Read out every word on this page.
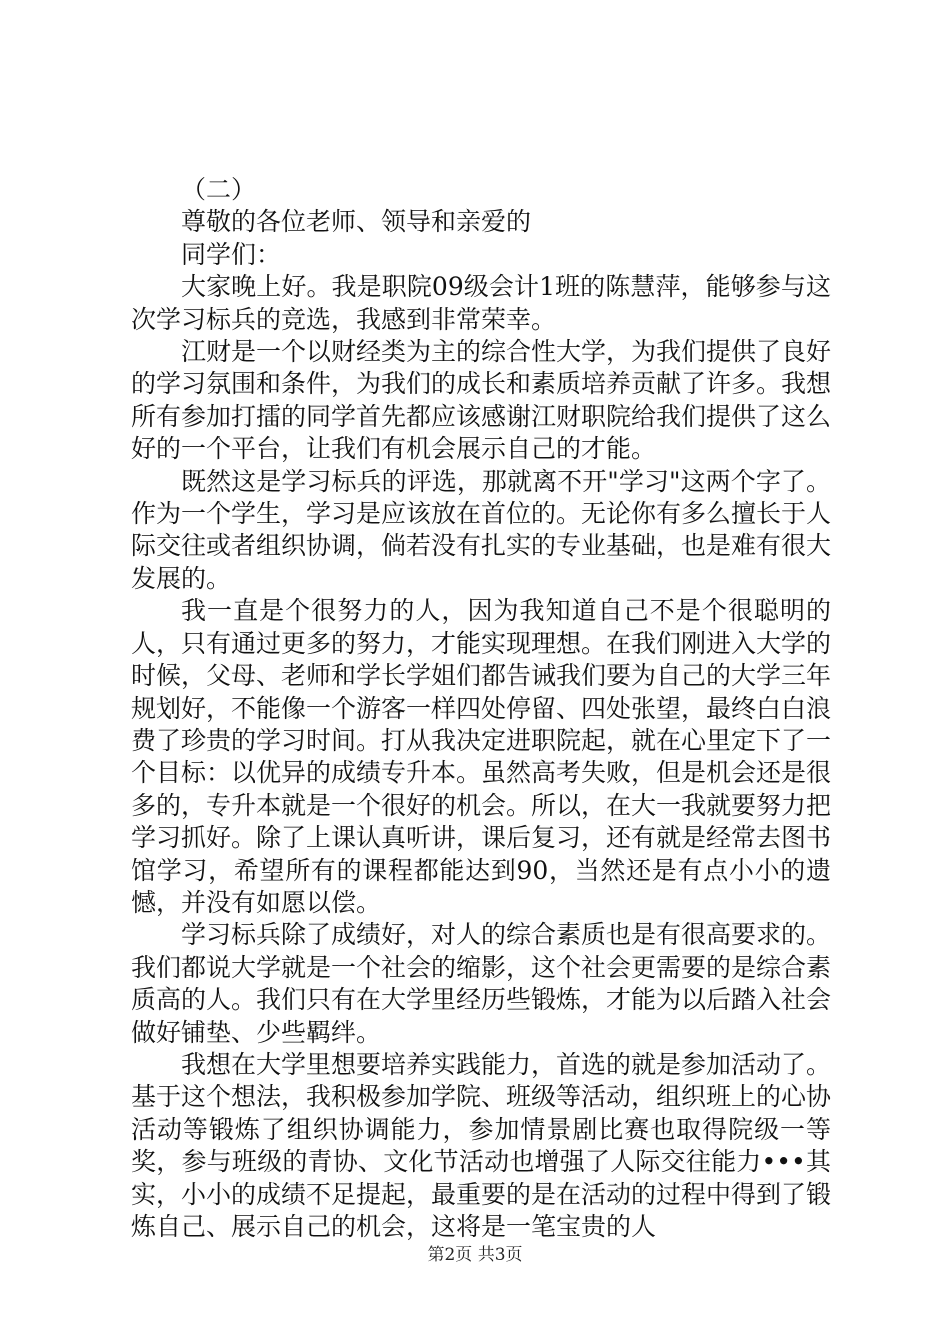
（二）

尊敬的各位老师、领导和亲爱的

同学们：

大家晚上好。我是职院09级会计1班的陈慧萍，能够参与这次学习标兵的竞选，我感到非常荣幸。

江财是一个以财经类为主的综合性大学，为我们提供了良好的学习氛围和条件，为我们的成长和素质培养贡献了许多。我想所有参加打擂的同学首先都应该感谢江财职院给我们提供了这么好的一个平台，让我们有机会展示自己的才能。

既然这是学习标兵的评选，那就离不开"学习"这两个字了。作为一个学生，学习是应该放在首位的。无论你有多么擅长于人际交往或者组织协调，倘若没有扎实的专业基础，也是难有很大发展的。

我一直是个很努力的人，因为我知道自己不是个很聪明的人，只有通过更多的努力，才能实现理想。在我们刚进入大学的时候，父母、老师和学长学姐们都告诫我们要为自己的大学三年规划好，不能像一个游客一样四处停留、四处张望，最终白白浪费了珍贵的学习时间。打从我决定进职院起，就在心里定下了一个目标：以优异的成绩专升本。虽然高考失败，但是机会还是很多的，专升本就是一个很好的机会。所以，在大一我就要努力把学习抓好。除了上课认真听讲，课后复习，还有就是经常去图书馆学习，希望所有的课程都能达到90，当然还是有点小小的遗憾，并没有如愿以偿。

学习标兵除了成绩好，对人的综合素质也是有很高要求的。我们都说大学就是一个社会的缩影，这个社会更需要的是综合素质高的人。我们只有在大学里经历些锻炼，才能为以后踏入社会做好铺垫、少些羁绊。

我想在大学里想要培养实践能力，首选的就是参加活动了。基于这个想法，我积极参加学院、班级等活动，组织班上的心协活动等锻炼了组织协调能力，参加情景剧比赛也取得院级一等奖，参与班级的青协、文化节活动也增强了人际交往能力•••其实，小小的成绩不足提起，最重要的是在活动的过程中得到了锻炼自己、展示自己的机会，这将是一笔宝贵的人

第2页 共3页
